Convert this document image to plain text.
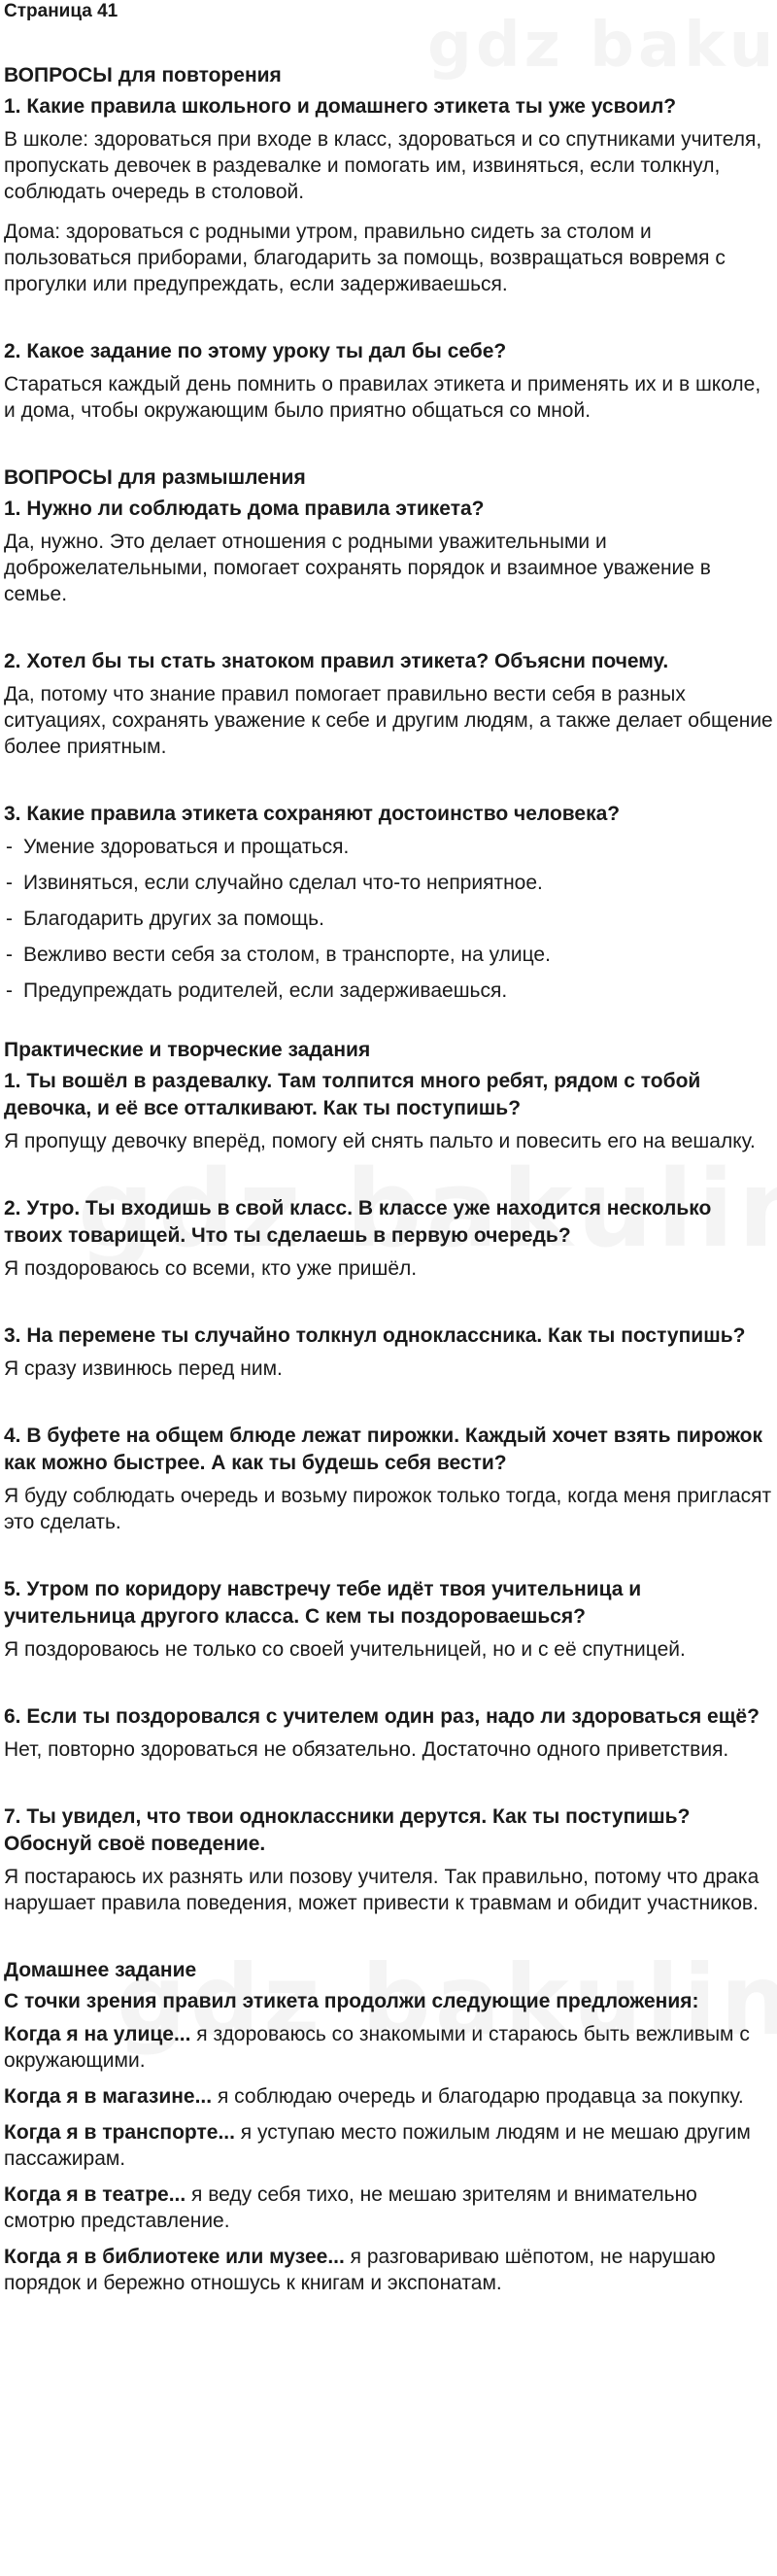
Страница 41
ВОПРОСЫ для повторения
1. Какие правила школьного и домашнего этикета ты уже усвоил?
В школе: здороваться при входе в класс, здороваться и со спутниками учителя, пропускать девочек в раздевалке и помогать им, извиняться, если толкнул, соблюдать очередь в столовой.
Дома: здороваться с родными утром, правильно сидеть за столом и пользоваться приборами, благодарить за помощь, возвращаться вовремя с прогулки или предупреждать, если задерживаешься.
2. Какое задание по этому уроку ты дал бы себе?
Стараться каждый день помнить о правилах этикета и применять их и в школе, и дома, чтобы окружающим было приятно общаться со мной.
ВОПРОСЫ для размышления
1. Нужно ли соблюдать дома правила этикета?
Да, нужно. Это делает отношения с родными уважительными и доброжелательными, помогает сохранять порядок и взаимное уважение в семье.
2. Хотел бы ты стать знатоком правил этикета? Объясни почему.
Да, потому что знание правил помогает правильно вести себя в разных ситуациях, сохранять уважение к себе и другим людям, а также делает общение более приятным.
3. Какие правила этикета сохраняют достоинство человека?
- Умение здороваться и прощаться.
- Извиняться, если случайно сделал что-то неприятное.
- Благодарить других за помощь.
- Вежливо вести себя за столом, в транспорте, на улице.
- Предупреждать родителей, если задерживаешься.
Практические и творческие задания
1. Ты вошёл в раздевалку. Там толпится много ребят, рядом с тобой девочка, и её все отталкивают. Как ты поступишь?
Я пропущу девочку вперёд, помогу ей снять пальто и повесить его на вешалку.
2. Утро. Ты входишь в свой класс. В классе уже находится несколько твоих товарищей. Что ты сделаешь в первую очередь?
Я поздороваюсь со всеми, кто уже пришёл.
3. На перемене ты случайно толкнул одноклассника. Как ты поступишь?
Я сразу извинюсь перед ним.
4. В буфете на общем блюде лежат пирожки. Каждый хочет взять пирожок как можно быстрее. А как ты будешь себя вести?
Я буду соблюдать очередь и возьму пирожок только тогда, когда меня пригласят это сделать.
5. Утром по коридору навстречу тебе идёт твоя учительница и учительница другого класса. С кем ты поздороваешься?
Я поздороваюсь не только со своей учительницей, но и с её спутницей.
6. Если ты поздоровался с учителем один раз, надо ли здороваться ещё?
Нет, повторно здороваться не обязательно. Достаточно одного приветствия.
7. Ты увидел, что твои одноклассники дерутся. Как ты поступишь? Обоснуй своё поведение.
Я постараюсь их разнять или позову учителя. Так правильно, потому что драка нарушает правила поведения, может привести к травмам и обидит участников.
Домашнее задание
С точки зрения правил этикета продолжи следующие предложения:
Когда я на улице... я здороваюсь со знакомыми и стараюсь быть вежливым с окружающими.
Когда я в магазине... я соблюдаю очередь и благодарю продавца за покупку.
Когда я в транспорте... я уступаю место пожилым людям и не мешаю другим пассажирам.
Когда я в театре... я веду себя тихо, не мешаю зрителям и внимательно смотрю представление.
Когда я в библиотеке или музее... я разговариваю шёпотом, не нарушаю порядок и бережно отношусь к книгам и экспонатам.
